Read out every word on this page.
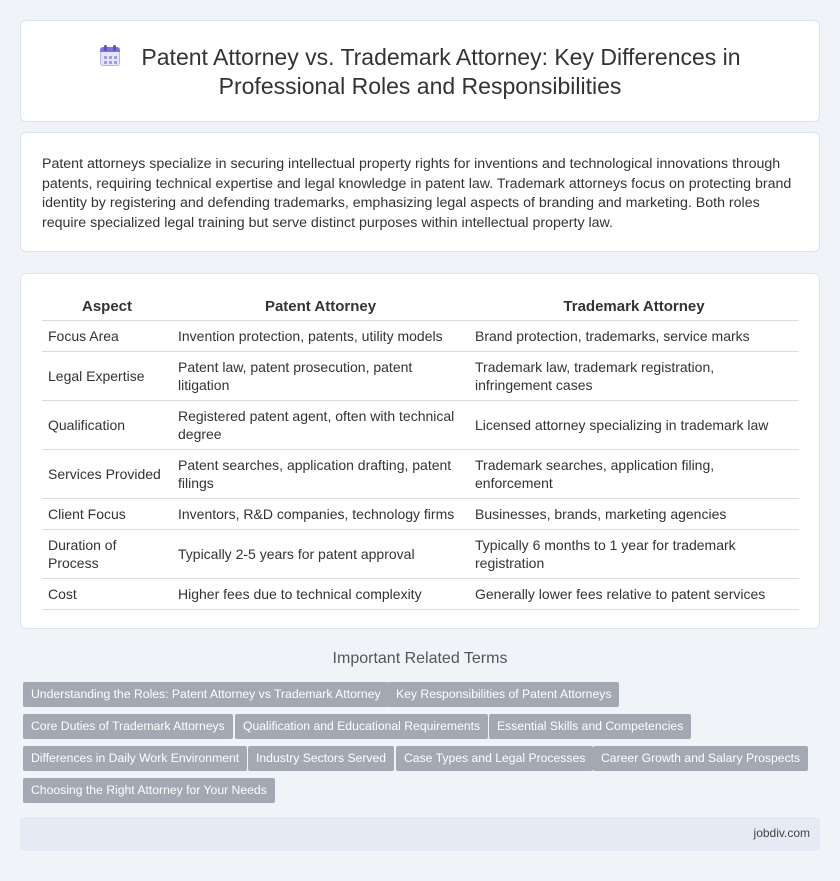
Patent Attorney vs. Trademark Attorney: Key Differences in
Professional Roles and Responsibilities

Patent attorneys specialize in securing intellectual property rights for inventions and technological innovations through patents, requiring technical expertise and legal knowledge in patent law. Trademark attorneys focus on protecting brand identity by registering and defending trademarks, emphasizing legal aspects of branding and marketing. Both roles require specialized legal training but serve distinct purposes within intellectual property law.

Aspect	Patent Attorney	Trademark Attorney
Focus Area	Invention protection, patents, utility models	Brand protection, trademarks, service marks
Legal Expertise	Patent law, patent prosecution, patent litigation	Trademark law, trademark registration, infringement cases
Qualification	Registered patent agent, often with technical degree	Licensed attorney specializing in trademark law
Services Provided	Patent searches, application drafting, patent filings	Trademark searches, application filing, enforcement
Client Focus	Inventors, R&D companies, technology firms	Businesses, brands, marketing agencies
Duration of Process	Typically 2-5 years for patent approval	Typically 6 months to 1 year for trademark registration
Cost	Higher fees due to technical complexity	Generally lower fees relative to patent services
Important Related Terms
Understanding the Roles: Patent Attorney vs Trademark Attorney	Key Responsibilities of Patent Attorneys
Core Duties of Trademark Attorneys	Qualification and Educational Requirements	Essential Skills and Competencies
Differences in Daily Work Environment	Industry Sectors Served	Case Types and Legal Processes	Career Growth and Salary Prospects
Choosing the Right Attorney for Your Needs
jobdiv.com
